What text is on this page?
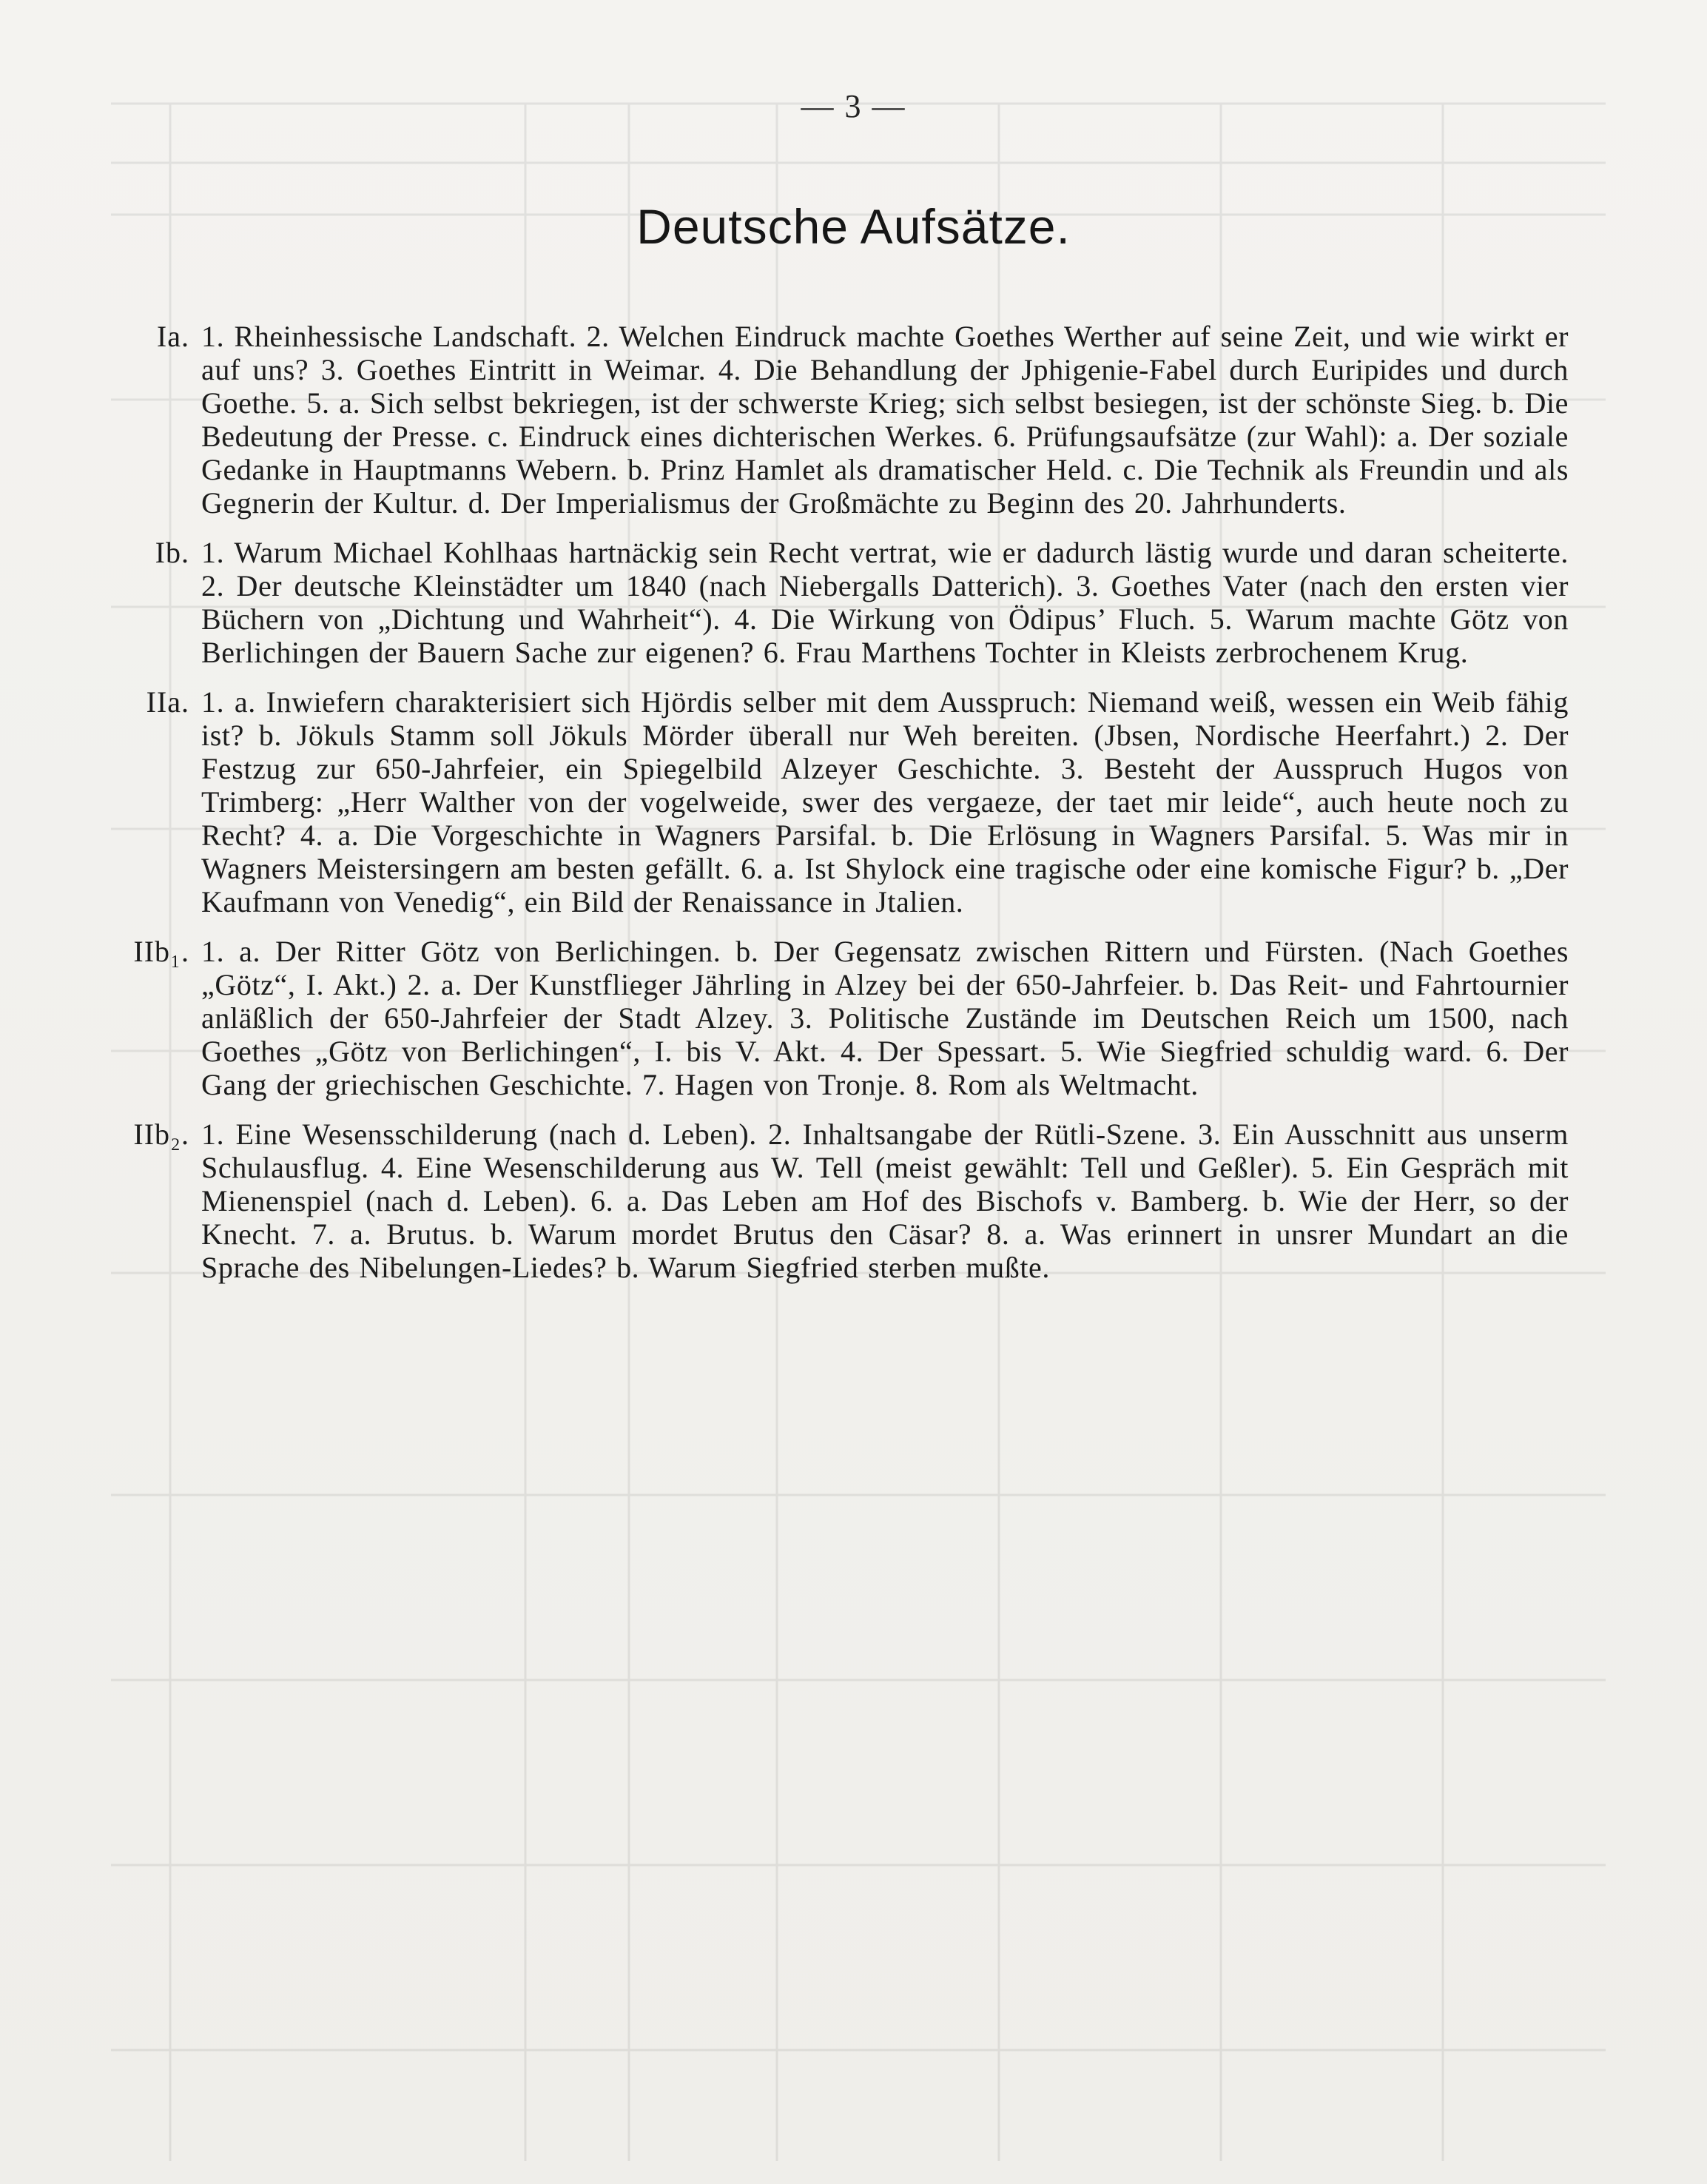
— 3 —
Deutsche Aufsätze.
Ia. 1. Rheinhessische Landschaft. 2. Welchen Eindruck machte Goethes Werther auf seine Zeit, und wie wirkt er auf uns? 3. Goethes Eintritt in Weimar. 4. Die Behandlung der Jphigenie-Fabel durch Euripides und durch Goethe. 5. a. Sich selbst bekriegen, ist der schwerste Krieg; sich selbst besiegen, ist der schönste Sieg. b. Die Bedeutung der Presse. c. Eindruck eines dichterischen Werkes. 6. Prüfungsaufsätze (zur Wahl): a. Der soziale Gedanke in Hauptmanns Webern. b. Prinz Hamlet als dramatischer Held. c. Die Technik als Freundin und als Gegnerin der Kultur. d. Der Imperialismus der Großmächte zu Beginn des 20. Jahrhunderts.
Ib. 1. Warum Michael Kohlhaas hartnäckig sein Recht vertrat, wie er dadurch lästig wurde und daran scheiterte. 2. Der deutsche Kleinstädter um 1840 (nach Niebergalls Datterich). 3. Goethes Vater (nach den ersten vier Büchern von „Dichtung und Wahrheit“). 4. Die Wirkung von Ödipus’ Fluch. 5. Warum machte Götz von Berlichingen der Bauern Sache zur eigenen? 6. Frau Marthens Tochter in Kleists zerbrochenem Krug.
IIa. 1. a. Inwiefern charakterisiert sich Hjördis selber mit dem Ausspruch: Niemand weiß, wessen ein Weib fähig ist? b. Jökuls Stamm soll Jökuls Mörder überall nur Weh bereiten. (Jbsen, Nordische Heerfahrt.) 2. Der Festzug zur 650-Jahrfeier, ein Spiegelbild Alzeyer Geschichte. 3. Besteht der Ausspruch Hugos von Trimberg: „Herr Walther von der vogelweide, swer des vergaeze, der taet mir leide“, auch heute noch zu Recht? 4. a. Die Vorgeschichte in Wagners Parsifal. b. Die Erlösung in Wagners Parsifal. 5. Was mir in Wagners Meistersingern am besten gefällt. 6. a. Ist Shylock eine tragische oder eine komische Figur? b. „Der Kaufmann von Venedig“, ein Bild der Renaissance in Jtalien.
IIb₁. 1. a. Der Ritter Götz von Berlichingen. b. Der Gegensatz zwischen Rittern und Fürsten. (Nach Goethes „Götz“, I. Akt.) 2. a. Der Kunstflieger Jährling in Alzey bei der 650-Jahrfeier. b. Das Reit- und Fahrtournier anläßlich der 650-Jahrfeier der Stadt Alzey. 3. Politische Zustände im Deutschen Reich um 1500, nach Goethes „Götz von Berlichingen“, I. bis V. Akt. 4. Der Spessart. 5. Wie Siegfried schuldig ward. 6. Der Gang der griechischen Geschichte. 7. Hagen von Tronje. 8. Rom als Weltmacht.
IIb₂. 1. Eine Wesensschilderung (nach d. Leben). 2. Inhaltsangabe der Rütli-Szene. 3. Ein Ausschnitt aus unserm Schulausflug. 4. Eine Wesenschilderung aus W. Tell (meist gewählt: Tell und Geßler). 5. Ein Gespräch mit Mienenspiel (nach d. Leben). 6. a. Das Leben am Hof des Bischofs v. Bamberg. b. Wie der Herr, so der Knecht. 7. a. Brutus. b. Warum mordet Brutus den Cäsar? 8. a. Was erinnert in unsrer Mundart an die Sprache des Nibelungen-Liedes? b. Warum Siegfried sterben mußte.
